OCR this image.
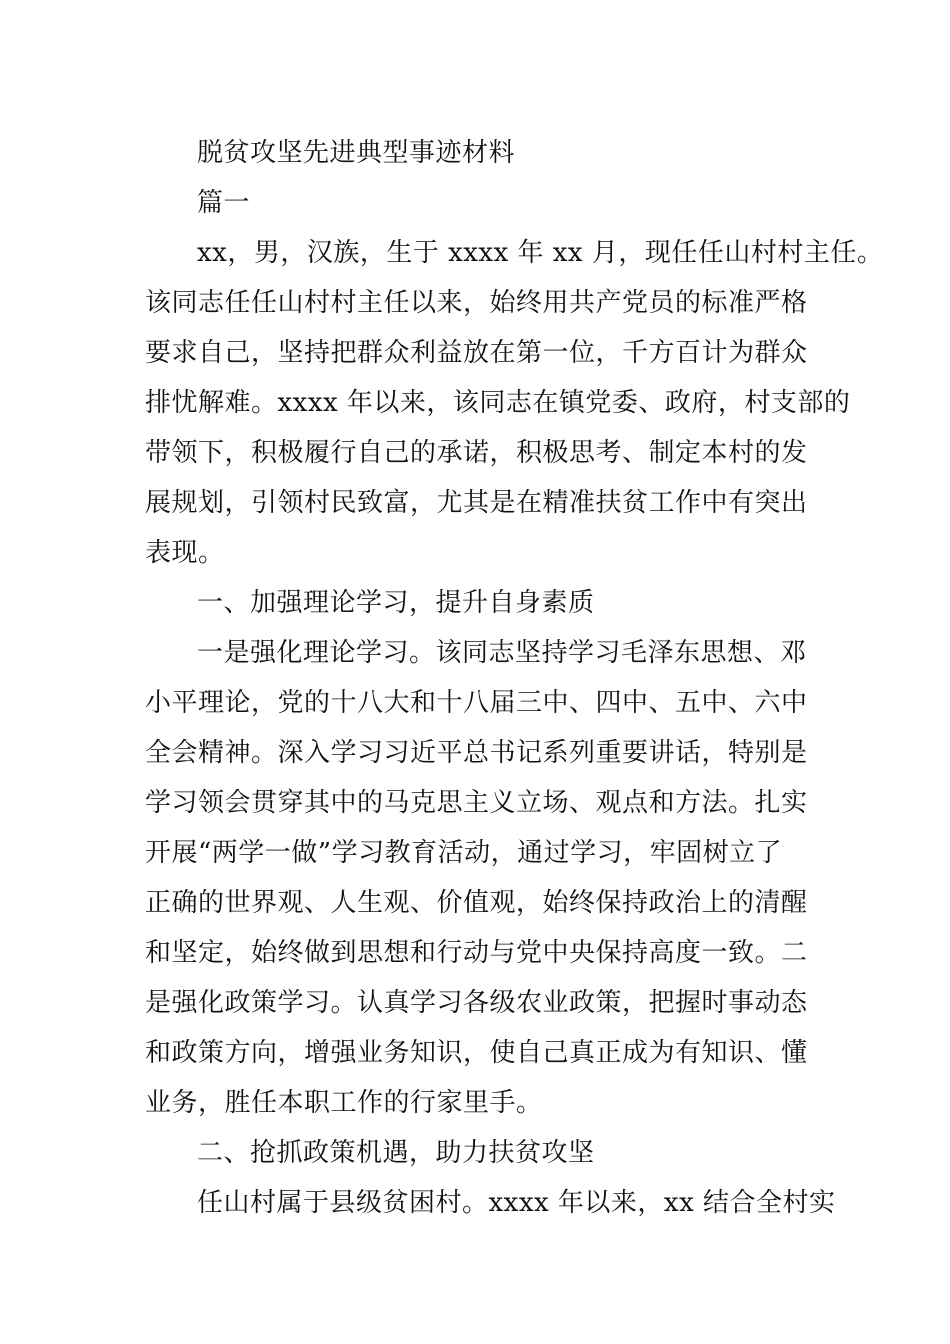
脱贫攻坚先进典型事迹材料
篇一
xx，男，汉族，生于 xxxx 年 xx 月，现任任山村村主任。
该同志任任山村村主任以来，始终用共产党员的标准严格
要求自己，坚持把群众利益放在第一位，千方百计为群众
排忧解难。xxxx 年以来，该同志在镇党委、政府，村支部的
带领下，积极履行自己的承诺，积极思考、制定本村的发
展规划，引领村民致富，尤其是在精准扶贫工作中有突出
表现。
一、加强理论学习，提升自身素质
一是强化理论学习。该同志坚持学习毛泽东思想、邓
小平理论，党的十八大和十八届三中、四中、五中、六中
全会精神。深入学习习近平总书记系列重要讲话，特别是
学习领会贯穿其中的马克思主义立场、观点和方法。扎实
开展“两学一做”学习教育活动，通过学习，牢固树立了
正确的世界观、人生观、价值观，始终保持政治上的清醒
和坚定，始终做到思想和行动与党中央保持高度一致。二
是强化政策学习。认真学习各级农业政策，把握时事动态
和政策方向，增强业务知识，使自己真正成为有知识、懂
业务，胜任本职工作的行家里手。
二、抢抓政策机遇，助力扶贫攻坚
任山村属于县级贫困村。xxxx 年以来，xx 结合全村实
